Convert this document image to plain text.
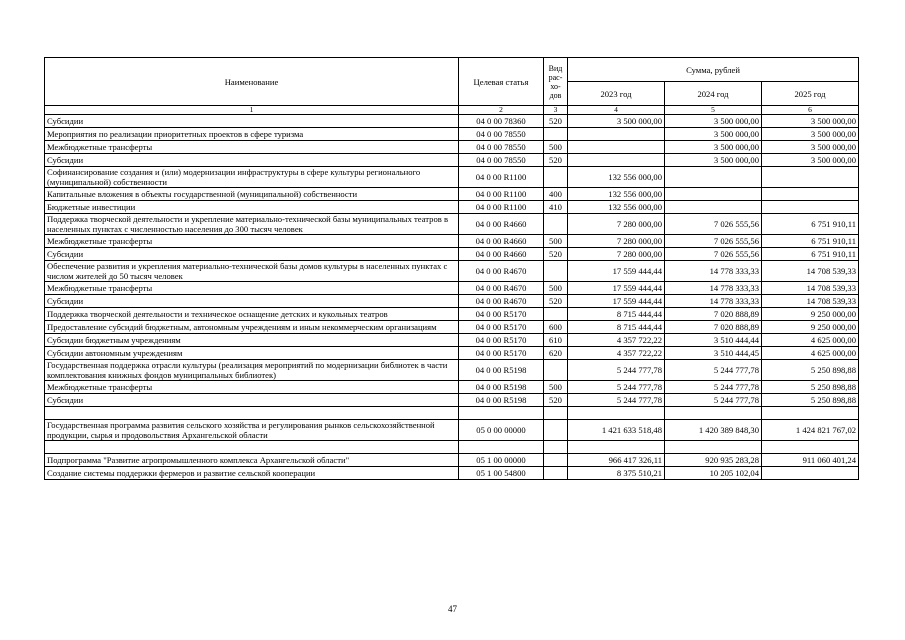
Наименование	Целевая статья	Вид рас-хо-дов	Сумма, рублей		
			2023 год	2024 год	2025 год
1	2	3	4	5	6
Субсидии	04 0 00 78360	520	3 500 000,00	3 500 000,00	3 500 000,00
Мероприятия по реализации приоритетных проектов в сфере туризма	04 0 00 78550			3 500 000,00	3 500 000,00
Межбюджетные трансферты	04 0 00 78550	500		3 500 000,00	3 500 000,00
Субсидии	04 0 00 78550	520		3 500 000,00	3 500 000,00
Софинансирование создания и (или) модернизации инфраструктуры в сфере культуры регионального (муниципальной) собственности	04 0 00 R1100		132 556 000,00		
Капитальные вложения в объекты государственной (муниципальной) собственности	04 0 00 R1100	400	132 556 000,00		
Бюджетные инвестиции	04 0 00 R1100	410	132 556 000,00		
Поддержка творческой деятельности и укрепление материально-технической базы муниципальных театров в населенных пунктах с численностью населения до 300 тысяч человек	04 0 00 R4660		7 280 000,00	7 026 555,56	6 751 910,11
Межбюджетные трансферты	04 0 00 R4660	500	7 280 000,00	7 026 555,56	6 751 910,11
Субсидии	04 0 00 R4660	520	7 280 000,00	7 026 555,56	6 751 910,11
Обеспечение развития и укрепления материально-технической базы домов культуры в населенных пунктах с числом жителей до 50 тысяч человек	04 0 00 R4670		17 559 444,44	14 778 333,33	14 708 539,33
Межбюджетные трансферты	04 0 00 R4670	500	17 559 444,44	14 778 333,33	14 708 539,33
Субсидии	04 0 00 R4670	520	17 559 444,44	14 778 333,33	14 708 539,33
Поддержка творческой деятельности и техническое оснащение детских и кукольных театров	04 0 00 R5170		8 715 444,44	7 020 888,89	9 250 000,00
Предоставление субсидий бюджетным, автономным учреждениям и иным некоммерческим организациям	04 0 00 R5170	600	8 715 444,44	7 020 888,89	9 250 000,00
Субсидии бюджетным учреждениям	04 0 00 R5170	610	4 357 722,22	3 510 444,44	4 625 000,00
Субсидии автономным учреждениям	04 0 00 R5170	620	4 357 722,22	3 510 444,45	4 625 000,00
Государственная поддержка отрасли культуры (реализация мероприятий по модернизации библиотек в части комплектования книжных фондов муниципальных библиотек)	04 0 00 R5198		5 244 777,78	5 244 777,78	5 250 898,88
Межбюджетные трансферты	04 0 00 R5198	500	5 244 777,78	5 244 777,78	5 250 898,88
Субсидии	04 0 00 R5198	520	5 244 777,78	5 244 777,78	5 250 898,88

Государственная программа развития сельского хозяйства и регулирования рынков сельскохозяйственной продукции, сырья и продовольствия Архангельской области	05 0 00 00000		1 421 633 518,48	1 420 389 848,30	1 424 821 767,02

Подпрограмма "Развитие агропромышленного комплекса Архангельской области"	05 1 00 00000		966 417 326,11	920 935 283,28	911 060 401,24
Создание системы поддержки фермеров и развитие сельской кооперации	05 1 00 54800		8 375 510,21	10 205 102,04	
47
